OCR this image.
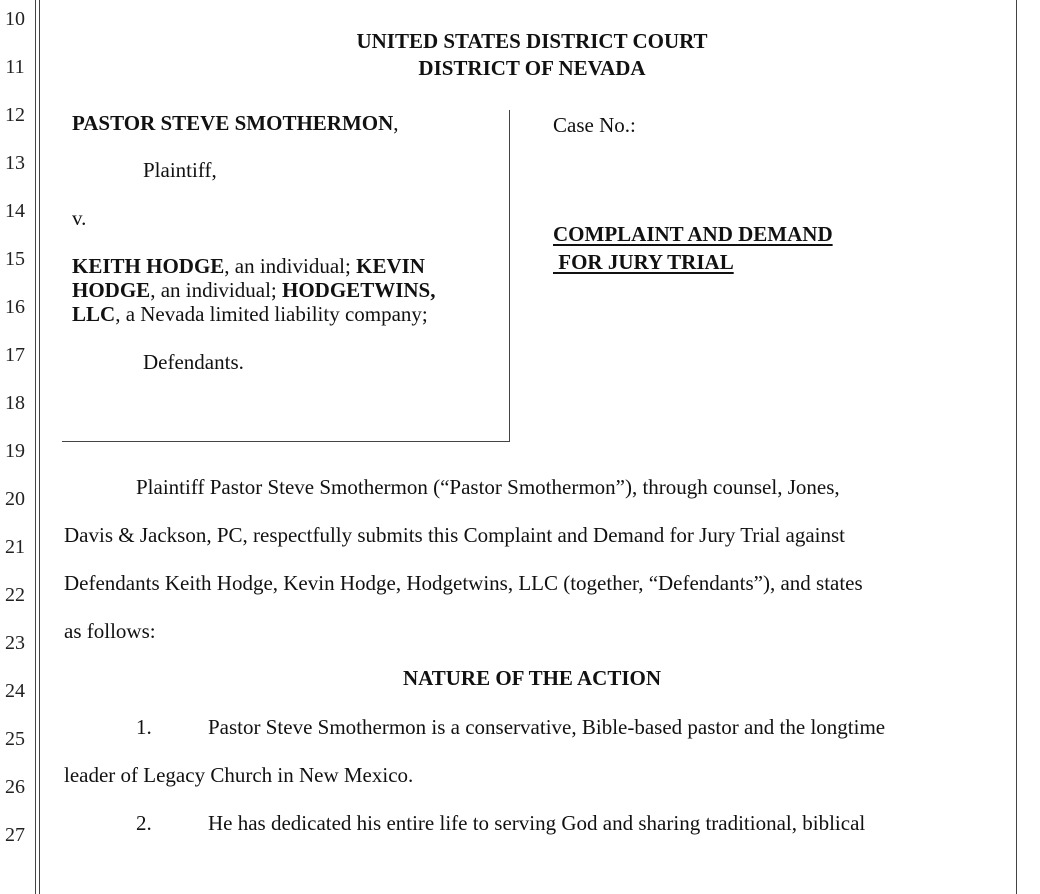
10
11
12
13
14
15
16
17
18
19
20
21
22
23
24
25
26
27
UNITED STATES DISTRICT COURT
DISTRICT OF NEVADA
PASTOR STEVE SMOTHERMON,
Plaintiff,
v.
KEITH HODGE, an individual; KEVIN
HODGE, an individual; HODGETWINS,
LLC, a Nevada limited liability company;
Defendants.
Case No.:
COMPLAINT AND DEMAND
FOR JURY TRIAL
Plaintiff Pastor Steve Smothermon (“Pastor Smothermon”), through counsel, Jones,
Davis & Jackson, PC, respectfully submits this Complaint and Demand for Jury Trial against
Defendants Keith Hodge, Kevin Hodge, Hodgetwins, LLC (together, “Defendants”), and states
as follows:
NATURE OF THE ACTION
1.	Pastor Steve Smothermon is a conservative, Bible-based pastor and the longtime
leader of Legacy Church in New Mexico.
2.	He has dedicated his entire life to serving God and sharing traditional, biblical
